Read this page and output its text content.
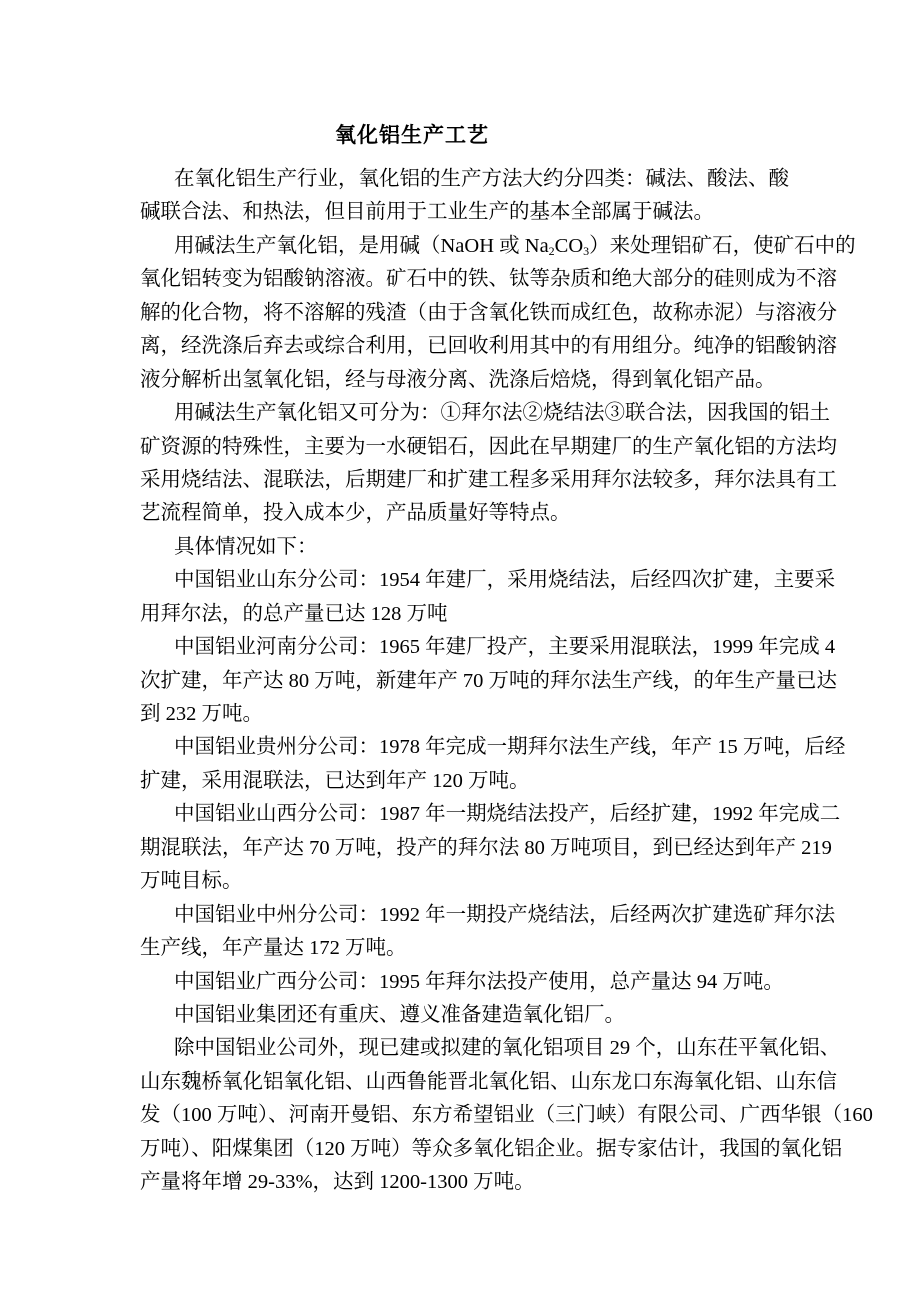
氧化铝生产工艺
在氧化铝生产行业，氧化铝的生产方法大约分四类：碱法、酸法、酸
碱联合法、和热法，但目前用于工业生产的基本全部属于碱法。
用碱法生产氧化铝，是用碱（NaOH 或 $Na_2CO_3$）来处理铝矿石，使矿石中的
氧化铝转变为铝酸钠溶液。矿石中的铁、钛等杂质和绝大部分的硅则成为不溶
解的化合物，将不溶解的残渣（由于含氧化铁而成红色，故称赤泥）与溶液分
离，经洗涤后弃去或综合利用，已回收利用其中的有用组分。纯净的铝酸钠溶
液分解析出氢氧化铝，经与母液分离、洗涤后焙烧，得到氧化铝产品。
用碱法生产氧化铝又可分为：①拜尔法②烧结法③联合法，因我国的铝土
矿资源的特殊性，主要为一水硬铝石，因此在早期建厂的生产氧化铝的方法均
采用烧结法、混联法，后期建厂和扩建工程多采用拜尔法较多，拜尔法具有工
艺流程简单，投入成本少，产品质量好等特点。
具体情况如下：
中国铝业山东分公司：1954 年建厂，采用烧结法，后经四次扩建，主要采
用拜尔法，的总产量已达 128 万吨
中国铝业河南分公司：1965 年建厂投产，主要采用混联法，1999 年完成 4
次扩建，年产达 80 万吨，新建年产 70 万吨的拜尔法生产线，的年生产量已达
到 232 万吨。
中国铝业贵州分公司：1978 年完成一期拜尔法生产线，年产 15 万吨，后经
扩建，采用混联法，已达到年产 120 万吨。
中国铝业山西分公司：1987 年一期烧结法投产，后经扩建，1992 年完成二
期混联法，年产达 70 万吨，投产的拜尔法 80 万吨项目，到已经达到年产 219
万吨目标。
中国铝业中州分公司：1992 年一期投产烧结法，后经两次扩建选矿拜尔法
生产线，年产量达 172 万吨。
中国铝业广西分公司：1995 年拜尔法投产使用，总产量达 94 万吨。
中国铝业集团还有重庆、遵义准备建造氧化铝厂。
除中国铝业公司外，现已建或拟建的氧化铝项目 29 个，山东茌平氧化铝、
山东魏桥氧化铝氧化铝、山西鲁能晋北氧化铝、山东龙口东海氧化铝、山东信
发（100 万吨）、河南开曼铝、东方希望铝业（三门峡）有限公司、广西华银（160
万吨）、阳煤集团（120 万吨）等众多氧化铝企业。据专家估计，我国的氧化铝
产量将年增 29-33%，达到 1200-1300 万吨。
